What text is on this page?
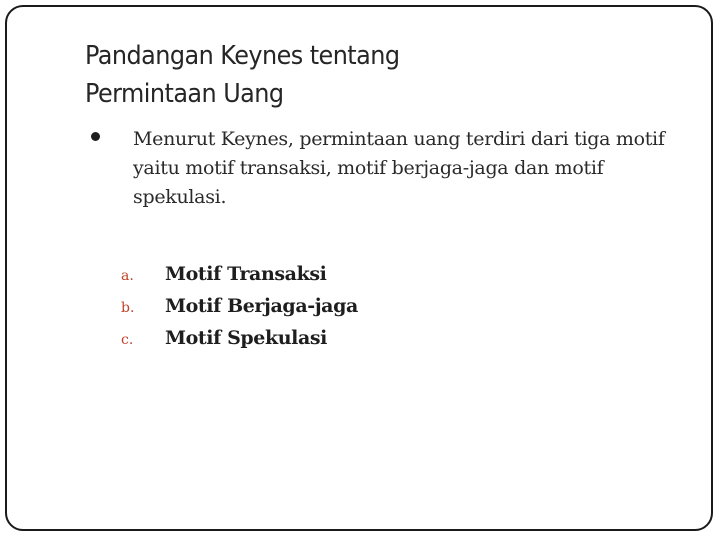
Pandangan Keynes tentang
Permintaan Uang
Menurut Keynes, permintaan uang terdiri dari tiga motif yaitu motif transaksi, motif berjaga-jaga dan motif spekulasi.
a. Motif Transaksi
b. Motif Berjaga-jaga
c. Motif Spekulasi
